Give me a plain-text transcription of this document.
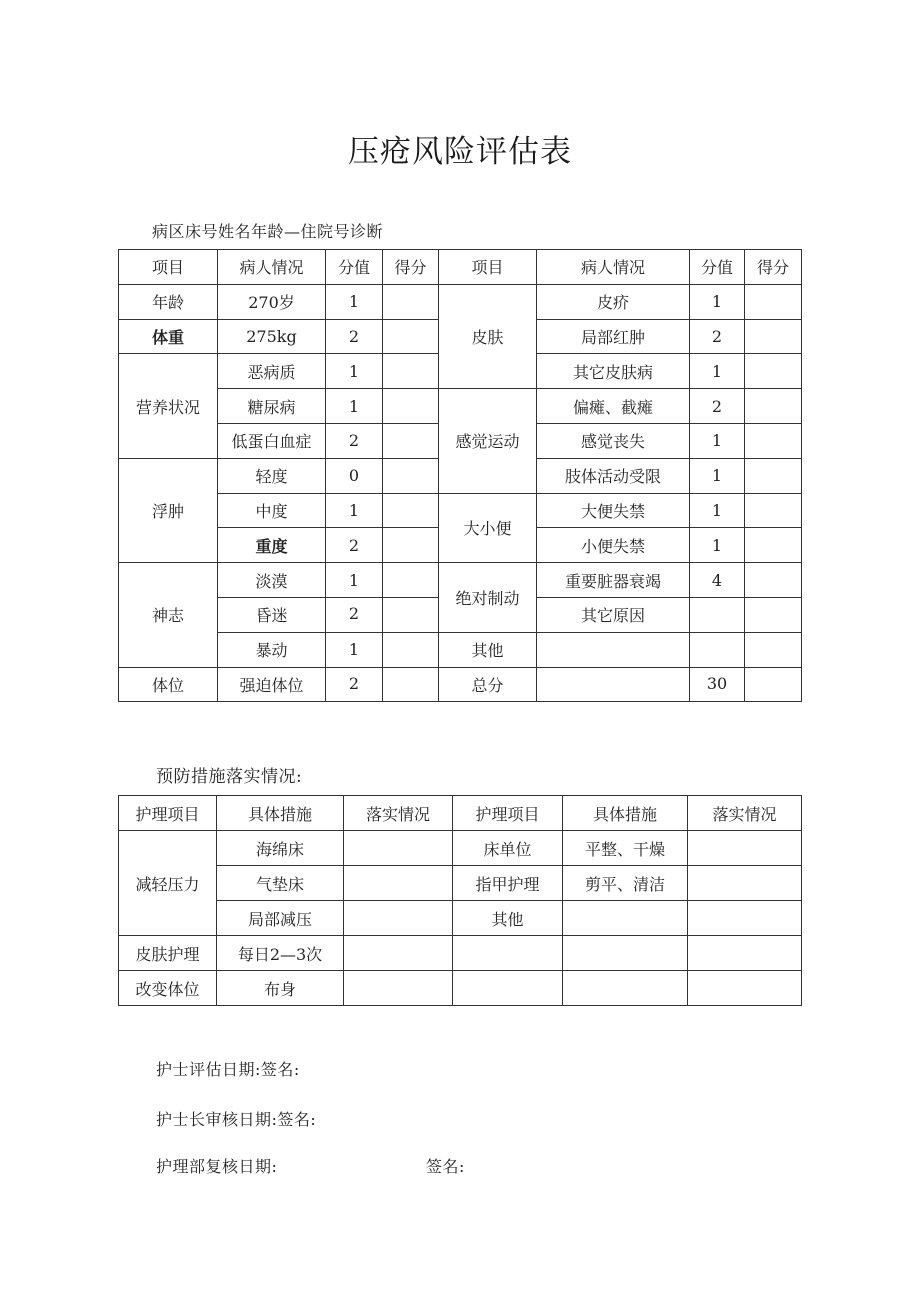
压疮风险评估表
病区床号姓名年龄—住院号诊断
项目	病人情况	分值	得分	项目	病人情况	分值	得分
年龄	270岁	1		皮肤	皮疥	1	
体重	275kg	2			局部红肿	2	
营养状况	恶病质	1			其它皮肤病	1	
	糖尿病	1		感觉运动	偏瘫、截瘫	2	
	低蛋白血症	2			感觉丧失	1	
浮肿	轻度	0			肢体活动受限	1	
	中度	1		大小便	大便失禁	1	
	重度	2			小便失禁	1	
神志	淡漠	1		绝对制动	重要脏器衰竭	4	
	昏迷	2			其它原因		
	暴动	1		其他			
体位	强迫体位	2		总分		30	
预防措施落实情况:
护理项目	具体措施	落实情况	护理项目	具体措施	落实情况
减轻压力	海绵床		床单位	平整、干燥	
	气垫床		指甲护理	剪平、清洁	
	局部减压		其他		
皮肤护理	每日2—3次				
改变体位	布身				
护士评估日期:签名:
护士长审核日期:签名:
护理部复核日期:	签名:
